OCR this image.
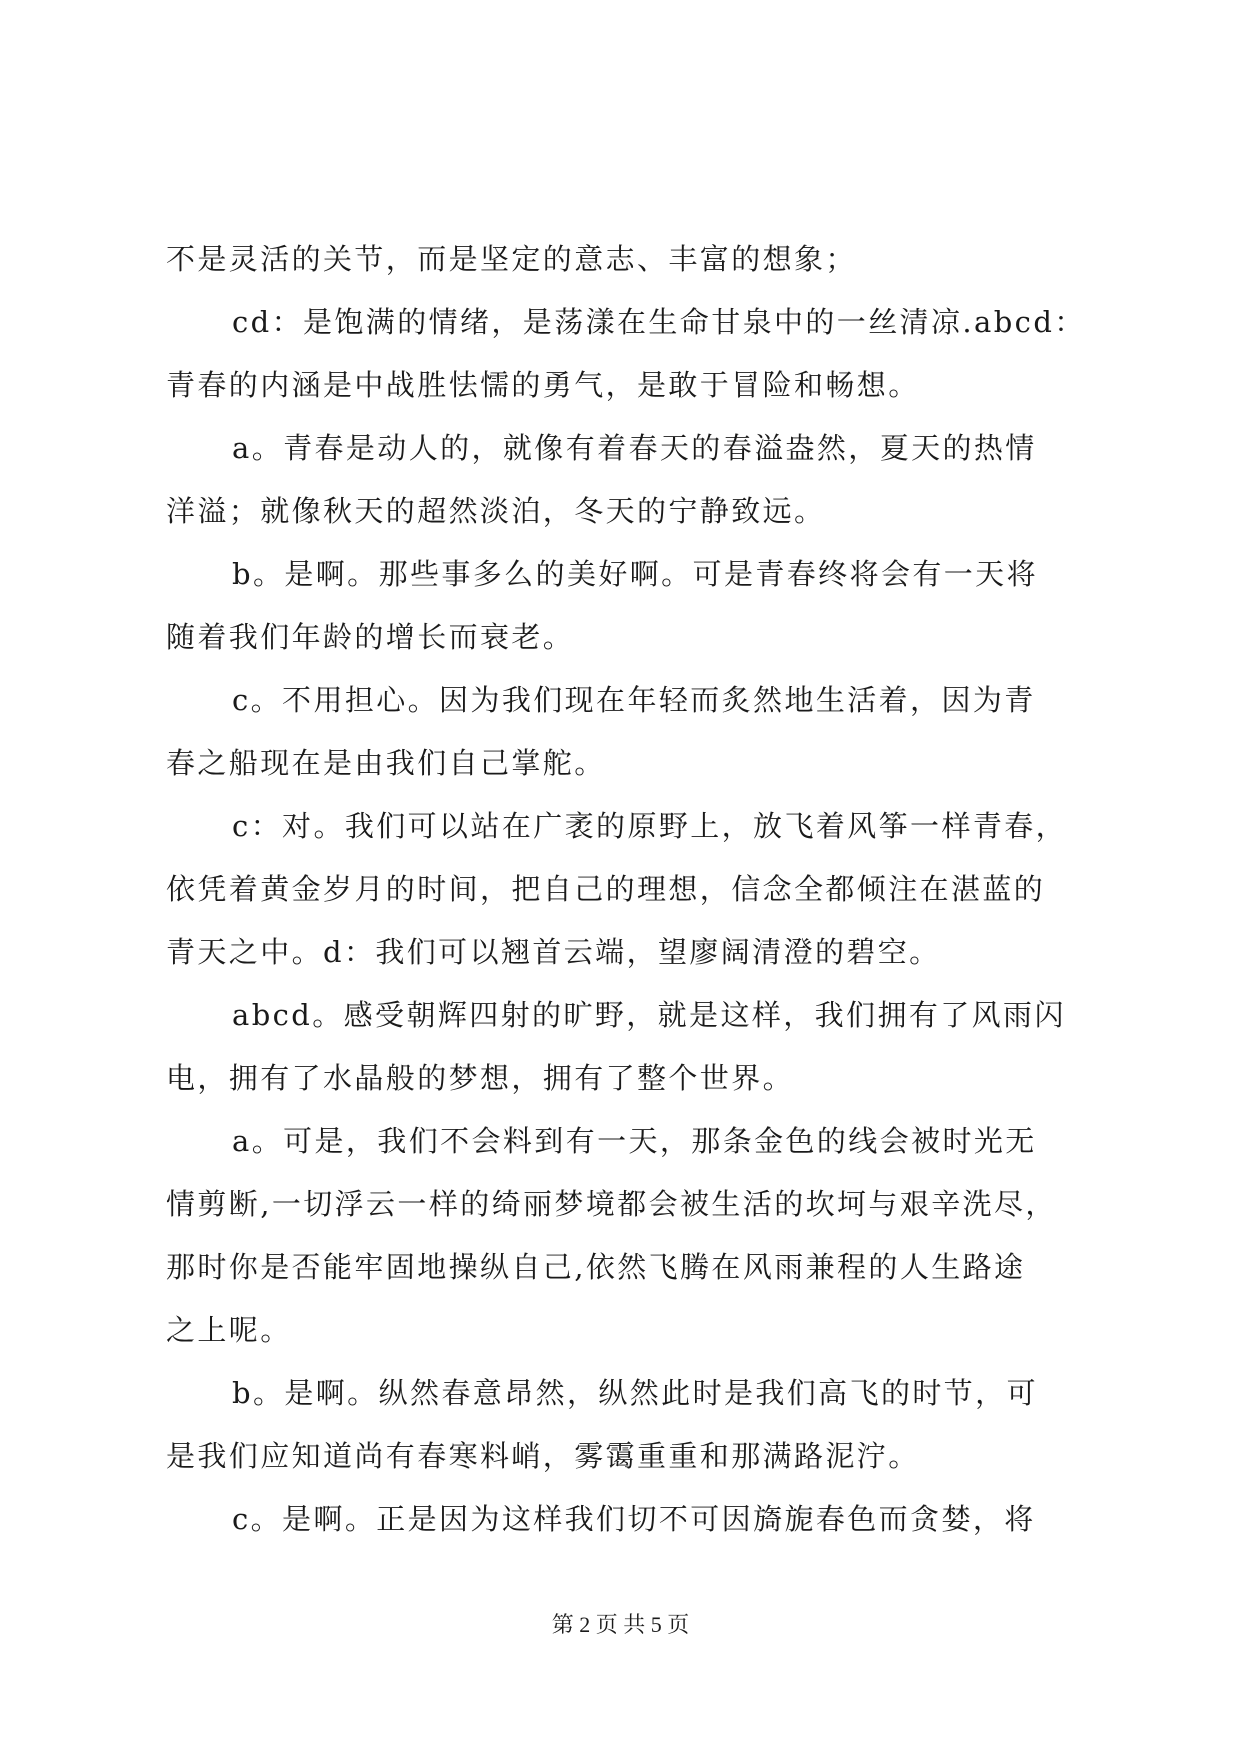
不是灵活的关节，而是坚定的意志、丰富的想象；
cd：是饱满的情绪，是荡漾在生命甘泉中的一丝清凉.abcd：
青春的内涵是中战胜怯懦的勇气，是敢于冒险和畅想。
a。青春是动人的，就像有着春天的春溢盎然，夏天的热情
洋溢；就像秋天的超然淡泊，冬天的宁静致远。
b。是啊。那些事多么的美好啊。可是青春终将会有一天将
随着我们年龄的增长而衰老。
c。不用担心。因为我们现在年轻而炙然地生活着，因为青
春之船现在是由我们自己掌舵。
c：对。我们可以站在广袤的原野上，放飞着风筝一样青春，
依凭着黄金岁月的时间，把自己的理想，信念全都倾注在湛蓝的
青天之中。d：我们可以翘首云端，望廖阔清澄的碧空。
abcd。感受朝辉四射的旷野，就是这样，我们拥有了风雨闪
电，拥有了水晶般的梦想，拥有了整个世界。
a。可是，我们不会料到有一天，那条金色的线会被时光无
情剪断,一切浮云一样的绮丽梦境都会被生活的坎坷与艰辛洗尽，
那时你是否能牢固地操纵自己,依然飞腾在风雨兼程的人生路途
之上呢。
b。是啊。纵然春意昂然，纵然此时是我们高飞的时节，可
是我们应知道尚有春寒料峭，雾霭重重和那满路泥泞。
c。是啊。正是因为这样我们切不可因旖旎春色而贪婪，将
第 2 页 共 5 页
